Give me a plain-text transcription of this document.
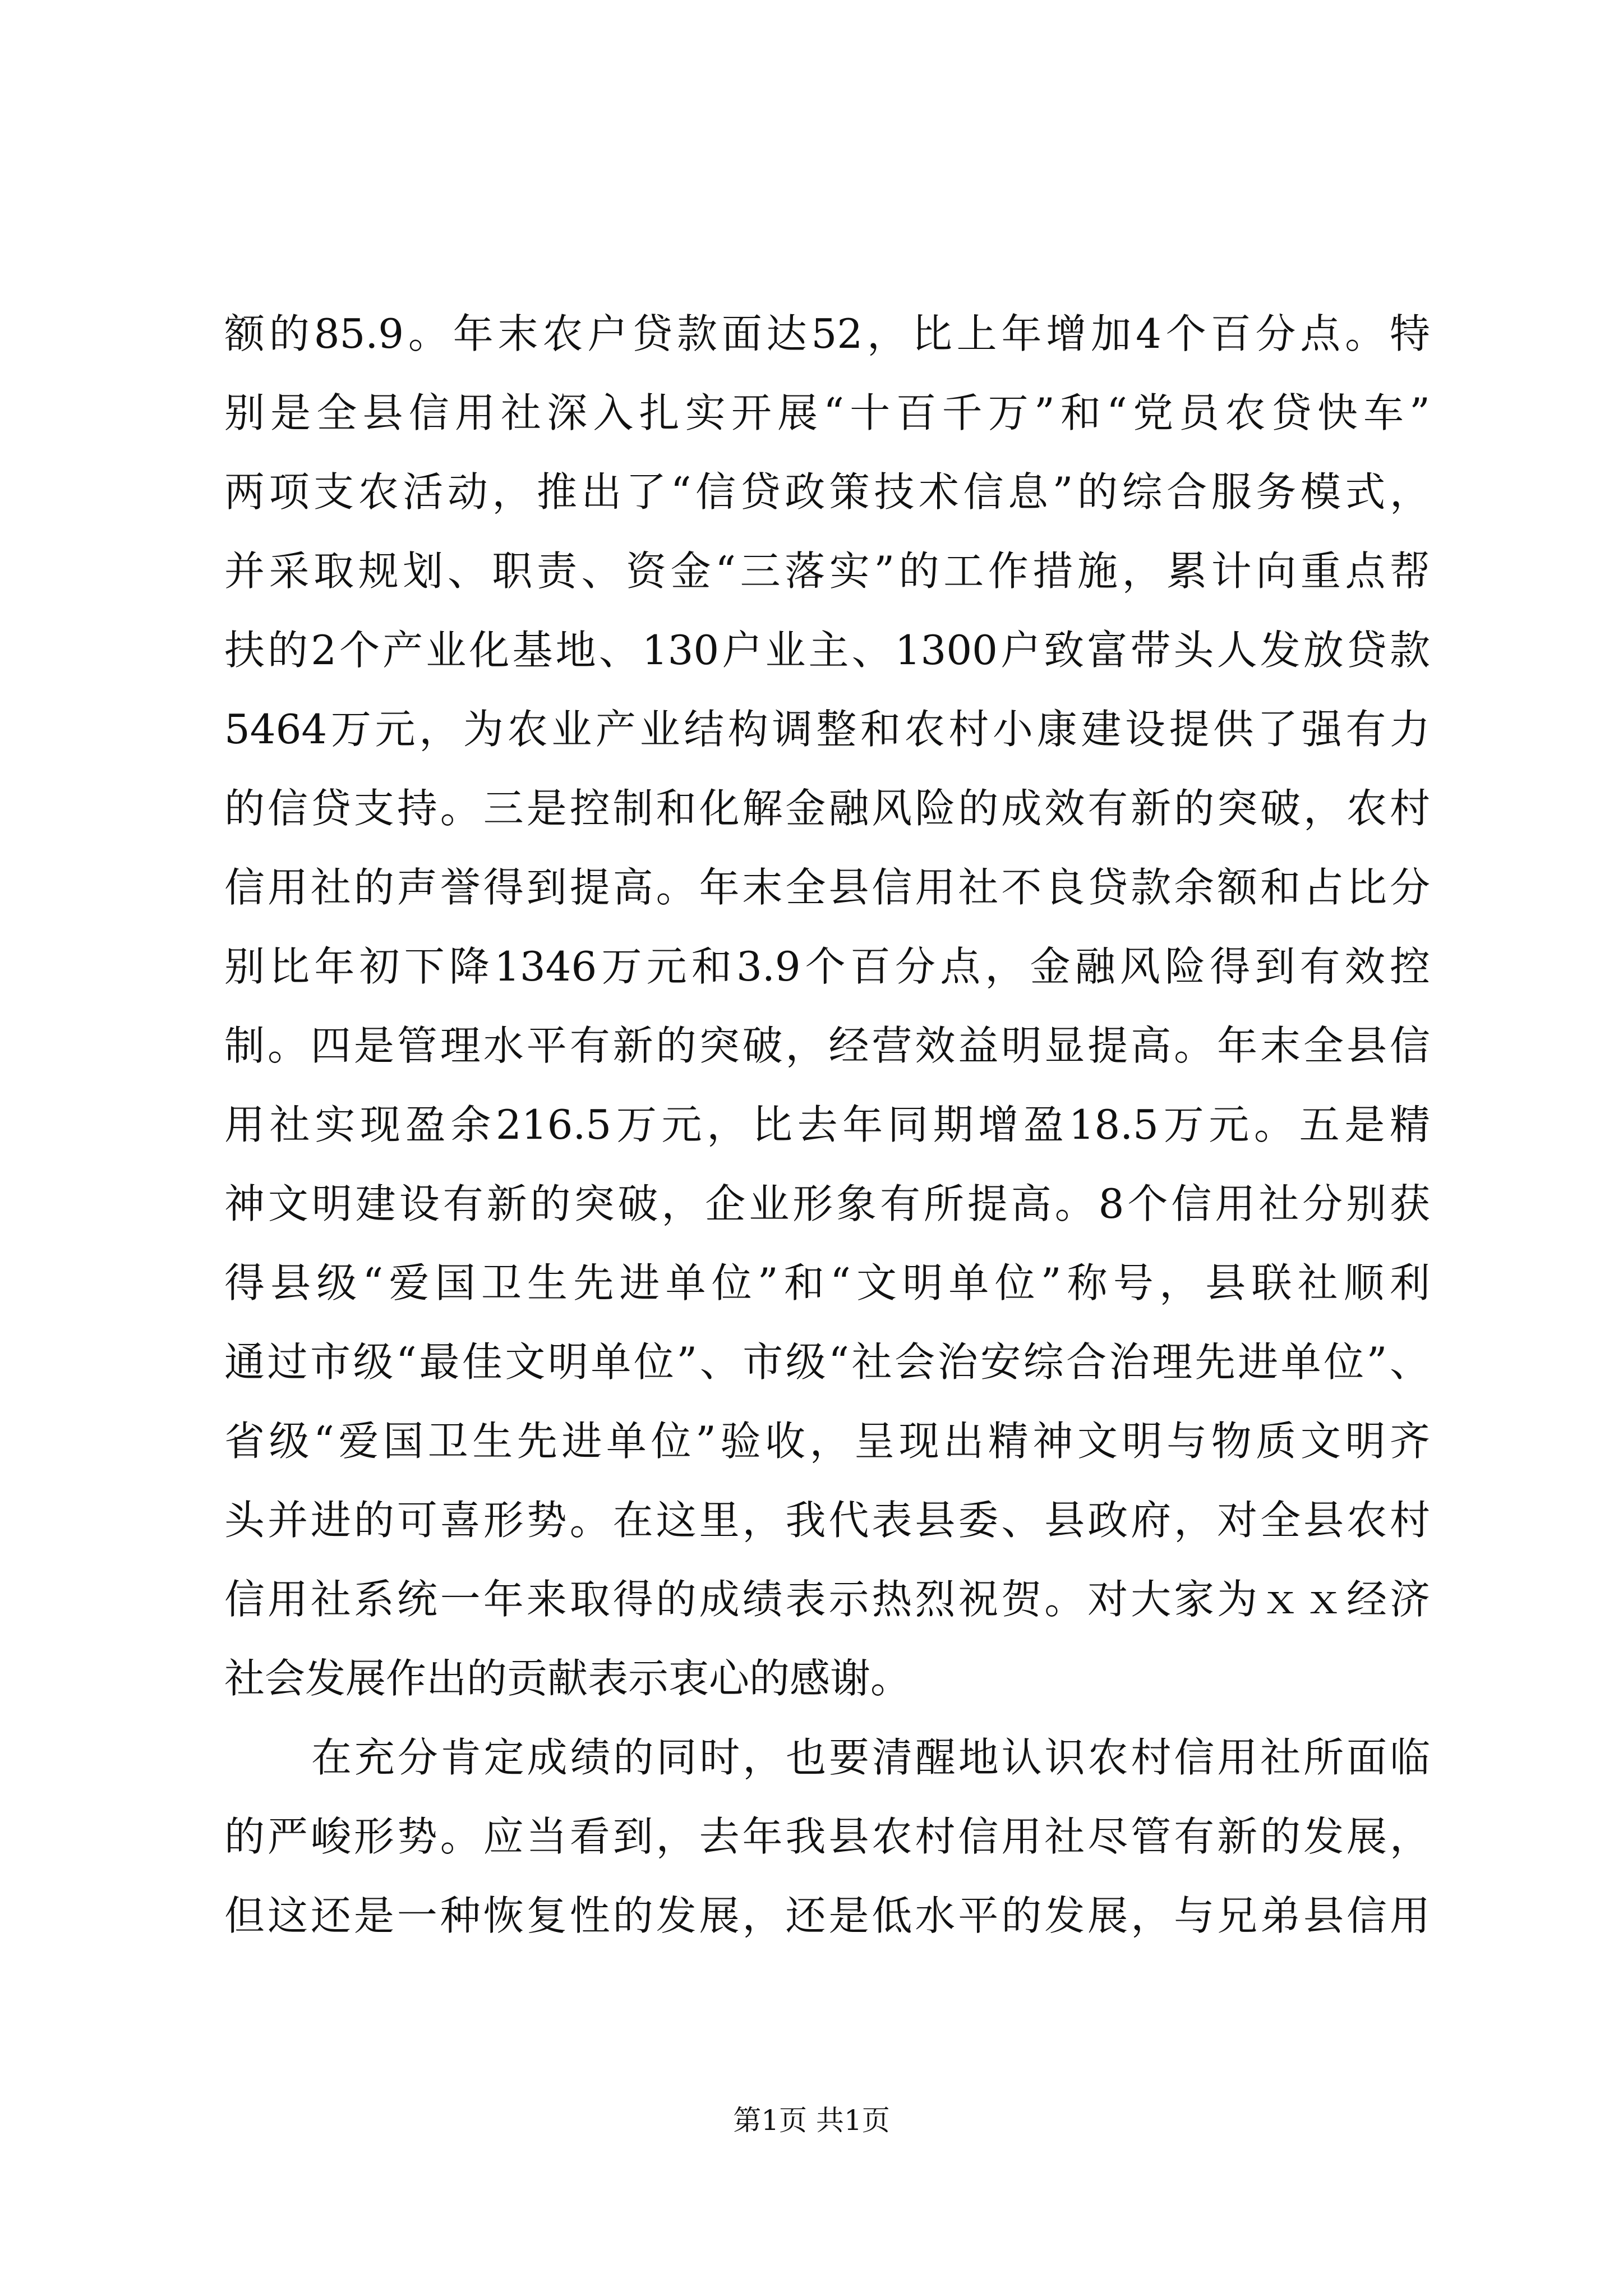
额的85.9。年末农户贷款面达52，比上年增加4个百分点。特
别是全县信用社深入扎实开展“十百千万”和“党员农贷快车”
两项支农活动，推出了“信贷政策技术信息”的综合服务模式，
并采取规划、职责、资金“三落实”的工作措施，累计向重点帮
扶的2个产业化基地、130户业主、1300户致富带头人发放贷款
5464万元，为农业产业结构调整和农村小康建设提供了强有力
的信贷支持。三是控制和化解金融风险的成效有新的突破，农村
信用社的声誉得到提高。年末全县信用社不良贷款余额和占比分
别比年初下降1346万元和3.9个百分点，金融风险得到有效控
制。四是管理水平有新的突破，经营效益明显提高。年末全县信
用社实现盈余216.5万元，比去年同期增盈18.5万元。五是精
神文明建设有新的突破，企业形象有所提高。8个信用社分别获
得县级“爱国卫生先进单位”和“文明单位”称号，县联社顺利
通过市级“最佳文明单位”、市级“社会治安综合治理先进单位”、
省级“爱国卫生先进单位”验收，呈现出精神文明与物质文明齐
头并进的可喜形势。在这里，我代表县委、县政府，对全县农村
信用社系统一年来取得的成绩表示热烈祝贺。对大家为ｘｘ经济
社会发展作出的贡献表示衷心的感谢。
在充分肯定成绩的同时，也要清醒地认识农村信用社所面临
的严峻形势。应当看到，去年我县农村信用社尽管有新的发展，
但这还是一种恢复性的发展，还是低水平的发展，与兄弟县信用
第1页 共1页
